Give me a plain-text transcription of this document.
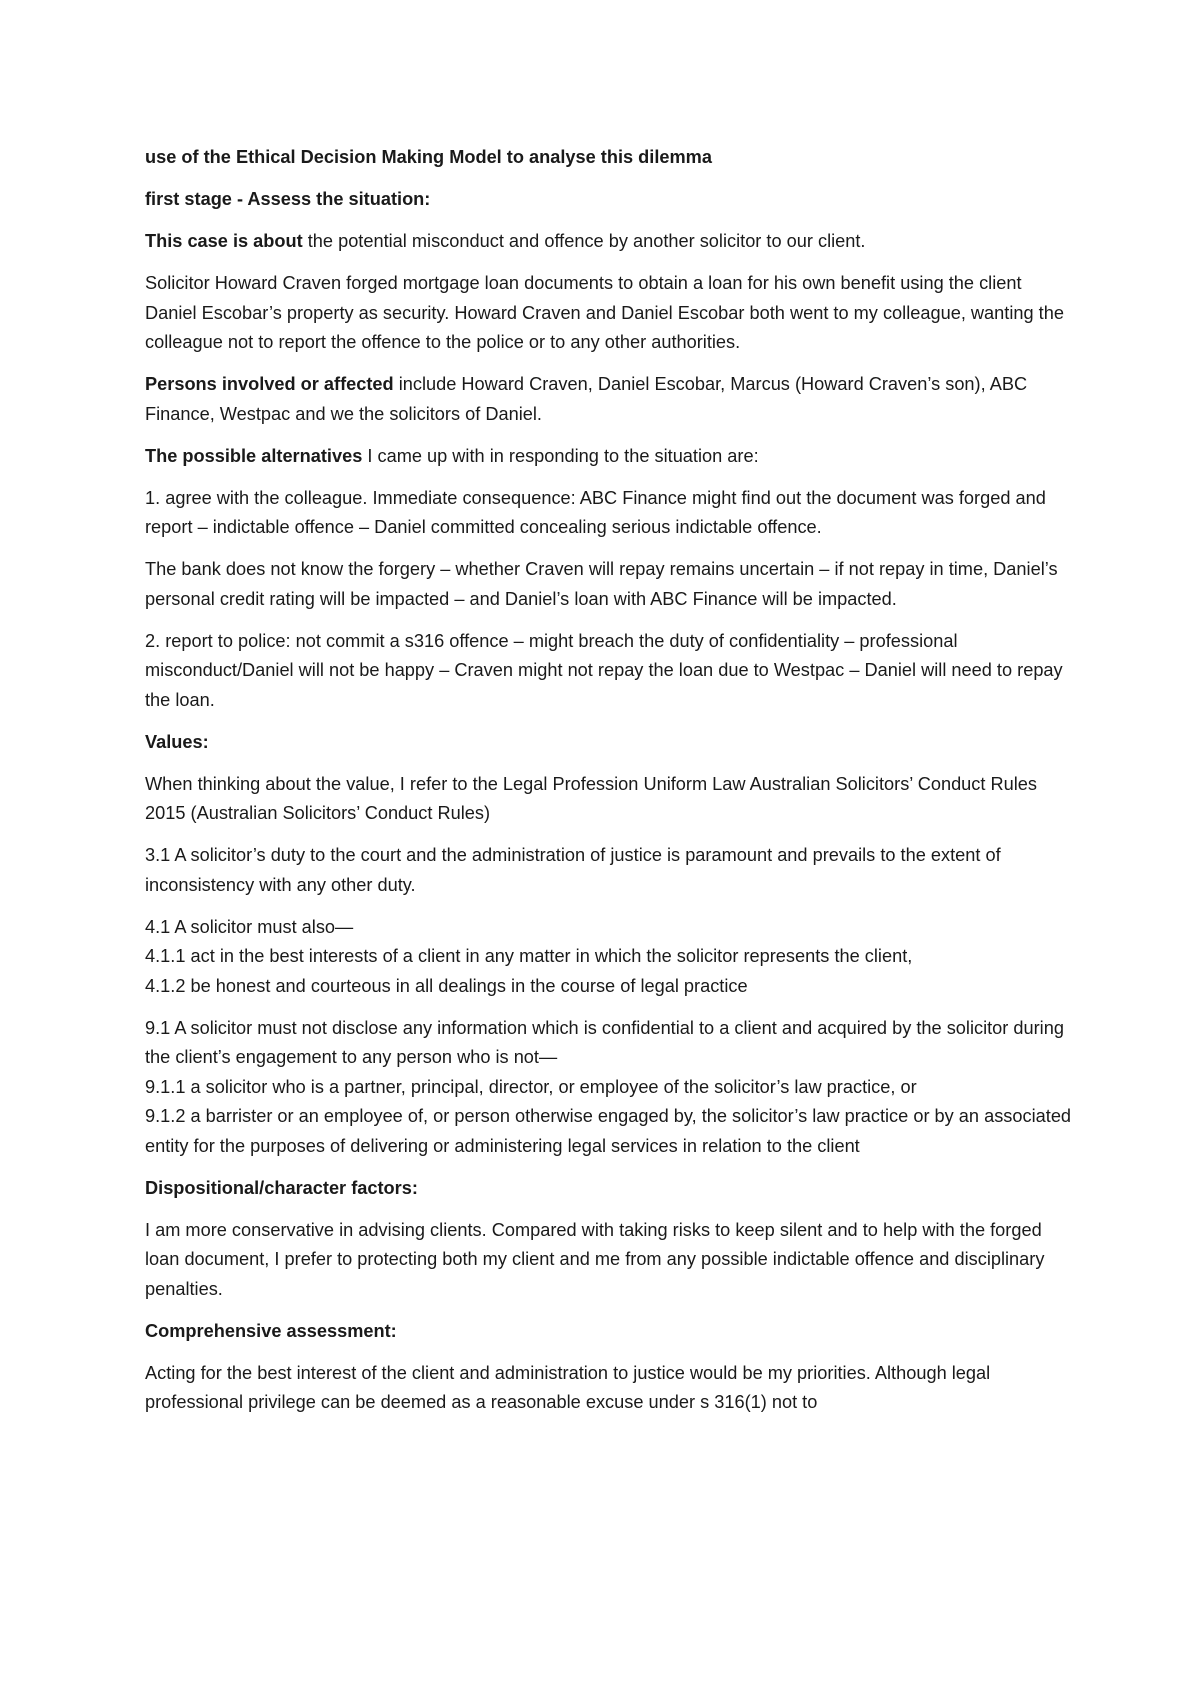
use of the Ethical Decision Making Model to analyse this dilemma

first stage - Assess the situation:

This case is about the potential misconduct and offence by another solicitor to our client.

Solicitor Howard Craven forged mortgage loan documents to obtain a loan for his own benefit using the client Daniel Escobar’s property as security. Howard Craven and Daniel Escobar both went to my colleague, wanting the colleague not to report the offence to the police or to any other authorities.

Persons involved or affected include Howard Craven, Daniel Escobar, Marcus (Howard Craven’s son), ABC Finance, Westpac and we the solicitors of Daniel.

The possible alternatives I came up with in responding to the situation are:

1. agree with the colleague. Immediate consequence: ABC Finance might find out the document was forged and report – indictable offence – Daniel committed concealing serious indictable offence.

The bank does not know the forgery – whether Craven will repay remains uncertain – if not repay in time, Daniel’s personal credit rating will be impacted – and Daniel’s loan with ABC Finance will be impacted.

2. report to police: not commit a s316 offence – might breach the duty of confidentiality – professional misconduct/Daniel will not be happy – Craven might not repay the loan due to Westpac – Daniel will need to repay the loan.

Values:

When thinking about the value, I refer to the Legal Profession Uniform Law Australian Solicitors’ Conduct Rules 2015 (Australian Solicitors’ Conduct Rules)

3.1 A solicitor’s duty to the court and the administration of justice is paramount and prevails to the extent of inconsistency with any other duty.

4.1 A solicitor must also—
4.1.1 act in the best interests of a client in any matter in which the solicitor represents the client,
4.1.2 be honest and courteous in all dealings in the course of legal practice

9.1 A solicitor must not disclose any information which is confidential to a client and acquired by the solicitor during the client’s engagement to any person who is not—
9.1.1 a solicitor who is a partner, principal, director, or employee of the solicitor’s law practice, or
9.1.2 a barrister or an employee of, or person otherwise engaged by, the solicitor’s law practice or by an associated entity for the purposes of delivering or administering legal services in relation to the client

Dispositional/character factors:

I am more conservative in advising clients. Compared with taking risks to keep silent and to help with the forged loan document, I prefer to protecting both my client and me from any possible indictable offence and disciplinary penalties.

Comprehensive assessment:

Acting for the best interest of the client and administration to justice would be my priorities. Although legal professional privilege can be deemed as a reasonable excuse under s 316(1) not to
